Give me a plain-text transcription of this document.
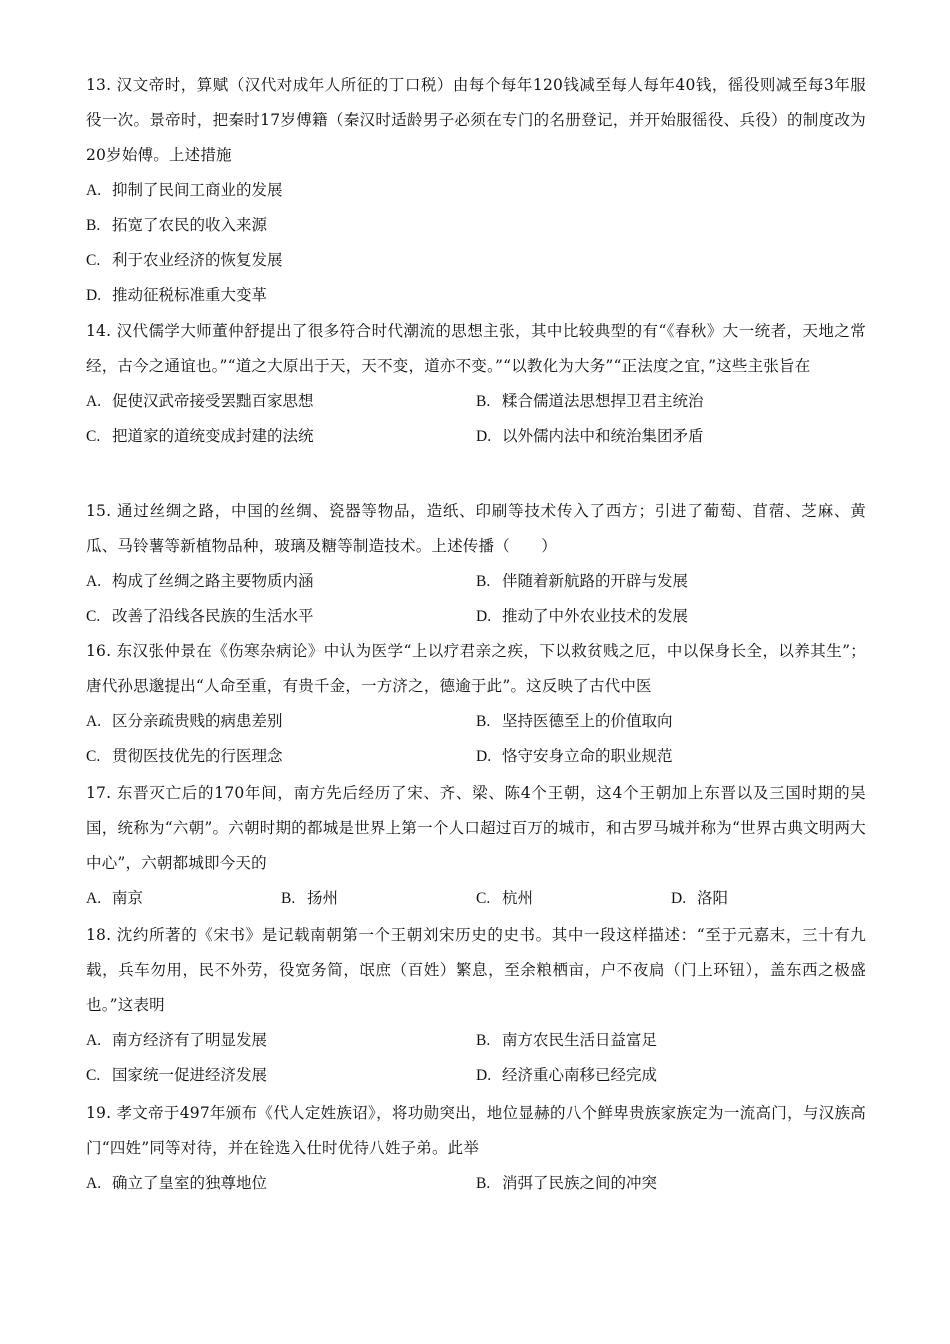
13. 汉文帝时，算赋（汉代对成年人所征的丁口税）由每个每年120钱减至每人每年40钱，徭役则减至每3年服役一次。景帝时，把秦时17岁傅籍（秦汉时适龄男子必须在专门的名册登记，并开始服徭役、兵役）的制度改为20岁始傅。上述措施

A. 抑制了民间工商业的发展
B. 拓宽了农民的收入来源
C. 利于农业经济的恢复发展
D. 推动征税标准重大变革

14. 汉代儒学大师董仲舒提出了很多符合时代潮流的思想主张，其中比较典型的有“《春秋》大一统者，天地之常经，古今之通谊也。”“道之大原出于天，天不变，道亦不变。”“以教化为大务”“正法度之宜，”这些主张旨在

A. 促使汉武帝接受罢黜百家思想	B. 糅合儒道法思想捍卫君主统治
C. 把道家的道统变成封建的法统	D. 以外儒内法中和统治集团矛盾

15. 通过丝绸之路，中国的丝绸、瓷器等物品，造纸、印刷等技术传入了西方；引进了葡萄、苜蓿、芝麻、黄瓜、马铃薯等新植物品种，玻璃及糖等制造技术。上述传播（　　）

A. 构成了丝绸之路主要物质内涵	B. 伴随着新航路的开辟与发展
C. 改善了沿线各民族的生活水平	D. 推动了中外农业技术的发展

16. 东汉张仲景在《伤寒杂病论》中认为医学“上以疗君亲之疾，下以救贫贱之厄，中以保身长全，以养其生”；唐代孙思邈提出“人命至重，有贵千金，一方济之，德逾于此”。这反映了古代中医

A. 区分亲疏贵贱的病患差别	B. 坚持医德至上的价值取向
C. 贯彻医技优先的行医理念	D. 恪守安身立命的职业规范

17. 东晋灭亡后的170年间，南方先后经历了宋、齐、梁、陈4个王朝，这4个王朝加上东晋以及三国时期的吴国，统称为“六朝”。六朝时期的都城是世界上第一个人口超过百万的城市，和古罗马城并称为“世界古典文明两大中心”，六朝都城即今天的

A. 南京	B. 扬州	C. 杭州	D. 洛阳

18. 沈约所著的《宋书》是记载南朝第一个王朝刘宋历史的史书。其中一段这样描述：“至于元嘉末，三十有九载，兵车勿用，民不外劳，役宽务简，氓庶（百姓）繁息，至余粮栖亩，户不夜扃（门上环钮），盖东西之极盛也。”这表明

A. 南方经济有了明显发展	B. 南方农民生活日益富足
C. 国家统一促进经济发展	D. 经济重心南移已经完成

19. 孝文帝于497年颁布《代人定姓族诏》，将功勋突出，地位显赫的八个鲜卑贵族家族定为一流高门，与汉族高门“四姓”同等对待，并在铨选入仕时优待八姓子弟。此举

A. 确立了皇室的独尊地位	B. 消弭了民族之间的冲突
